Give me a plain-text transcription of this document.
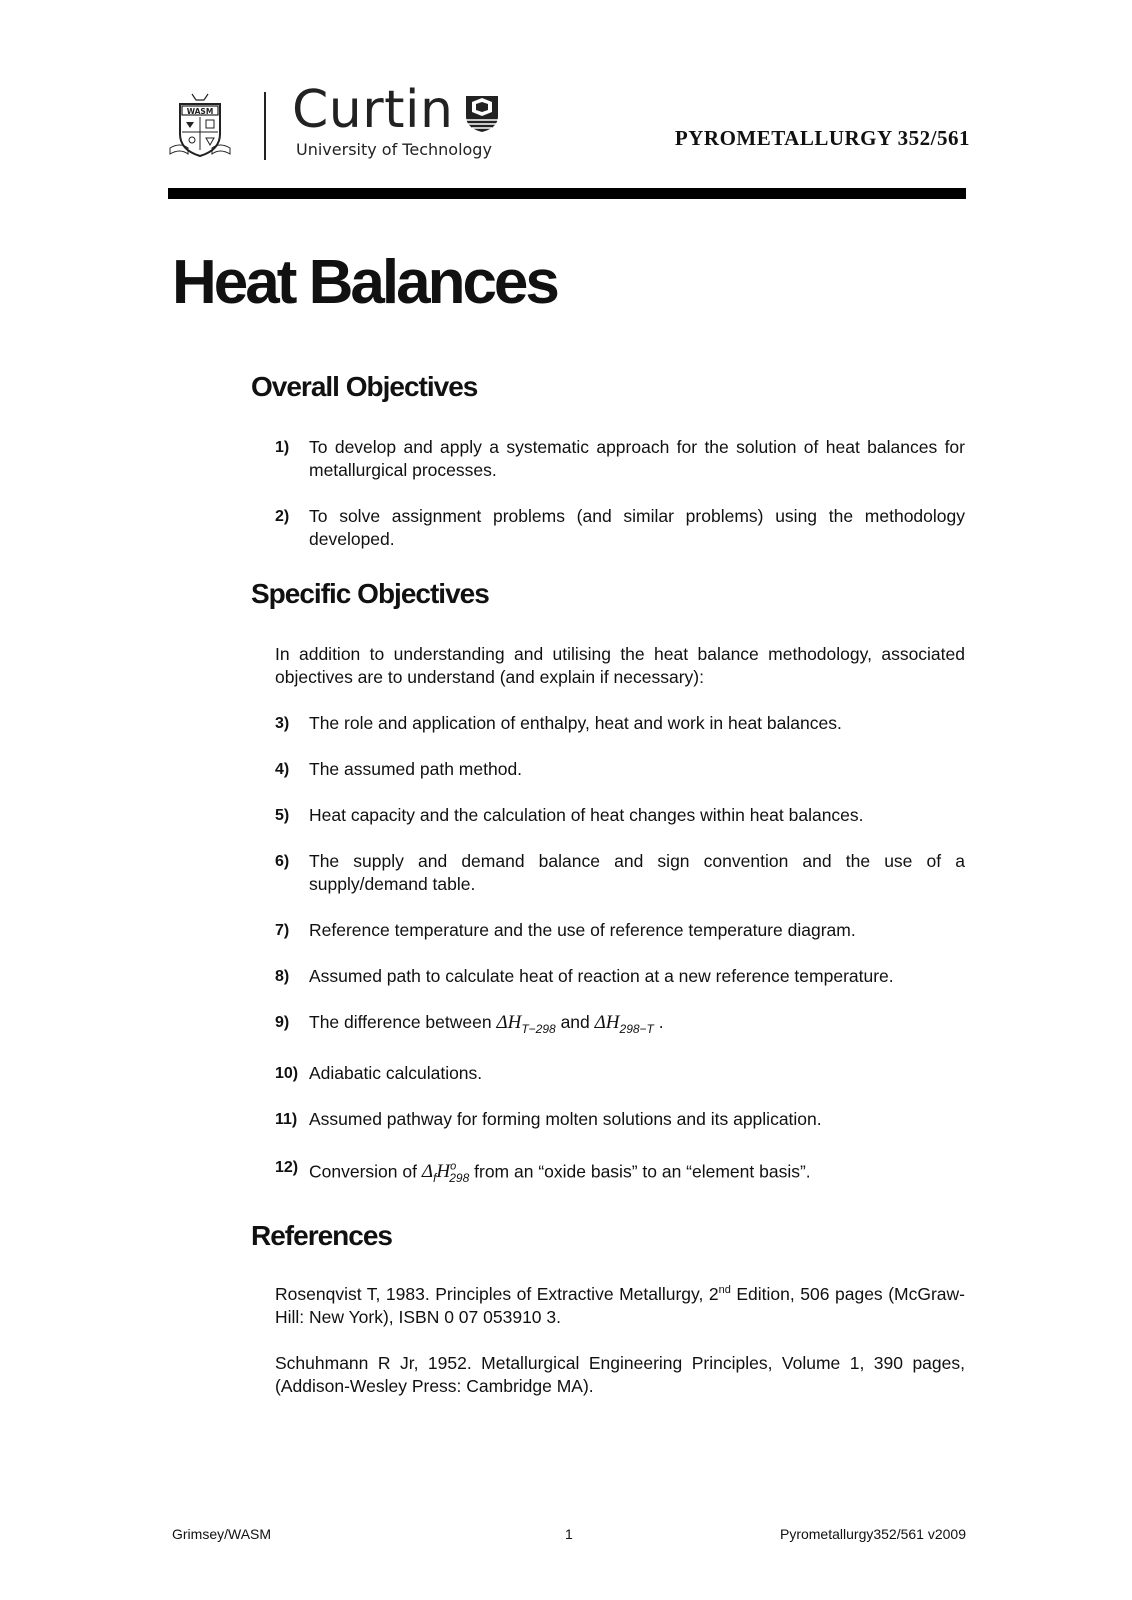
WASM Curtin
University of Technology	PYROMETALLURGY 352/561
Heat Balances
Overall Objectives
1) To develop and apply a systematic approach for the solution of heat balances for metallurgical processes.
2) To solve assignment problems (and similar problems) using the methodology developed.
Specific Objectives
In addition to understanding and utilising the heat balance methodology, associated objectives are to understand (and explain if necessary):
3) The role and application of enthalpy, heat and work in heat balances.
4) The assumed path method.
5) Heat capacity and the calculation of heat changes within heat balances.
6) The supply and demand balance and sign convention and the use of a supply/demand table.
7) Reference temperature and the use of reference temperature diagram.
8) Assumed path to calculate heat of reaction at a new reference temperature.
9) The difference between $\Delta H_{T-298}$ and $\Delta H_{298-T}$ .
10) Adiabatic calculations.
11) Assumed pathway for forming molten solutions and its application.
12) Conversion of $\Delta_fH^o_{298}$ from an “oxide basis” to an “element basis”.
References
Rosenqvist T, 1983. Principles of Extractive Metallurgy, 2nd Edition, 506 pages (McGraw-Hill: New York), ISBN 0 07 053910 3.
Schuhmann R Jr, 1952. Metallurgical Engineering Principles, Volume 1, 390 pages, (Addison-Wesley Press: Cambridge MA).
Grimsey/WASM	1	Pyrometallurgy352/561 v2009
